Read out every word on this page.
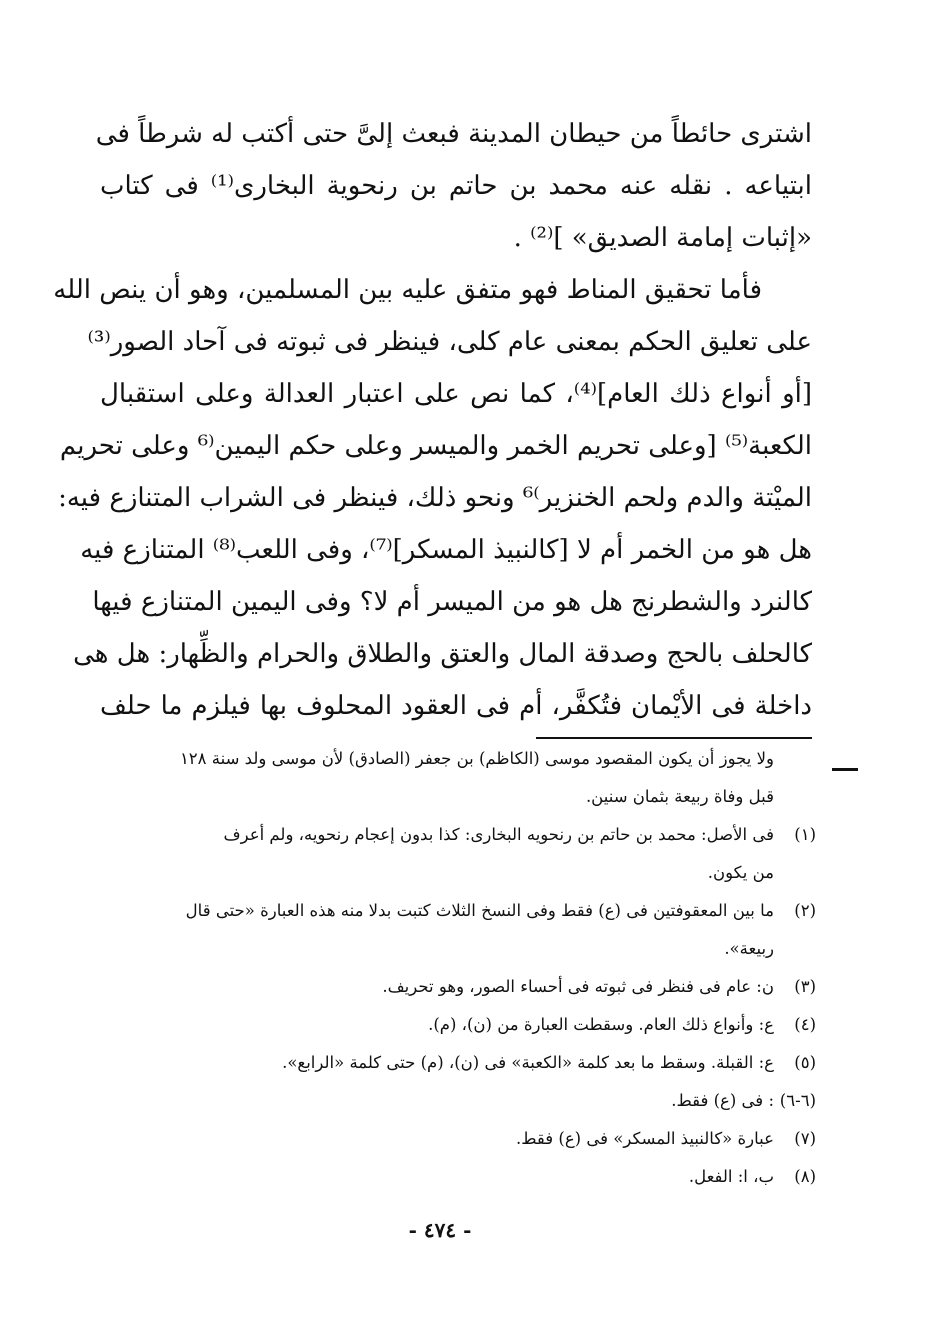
اشترى حائطاً من حيطان المدينة فبعث إلىَّ حتى أكتب له شرطاً فى
ابتياعه . نقله عنه محمد بن حاتم بن رنحوية البخارى⁽¹⁾ فى كتاب
«إثبات إمامة الصديق» ]⁽²⁾ .
فأما تحقيق المناط فهو متفق عليه بين المسلمين، وهو أن ينص الله
على تعليق الحكم بمعنى عام كلى، فينظر فى ثبوته فى آحاد الصور⁽³⁾
[أو أنواع ذلك العام]⁽⁴⁾، كما نص على اعتبار العدالة وعلى استقبال
الكعبة⁽⁵⁾ [وعلى تحريم الخمر والميسر وعلى حكم اليمين⁽⁶ وعلى تحريم
الميْتة والدم ولحم الخنزير⁾⁶ ونحو ذلك، فينظر فى الشراب المتنازع فيه:
هل هو من الخمر أم لا [كالنبيذ المسكر]⁽⁷⁾، وفى اللعب⁽⁸⁾ المتنازع فيه
كالنرد والشطرنج هل هو من الميسر أم لا؟ وفى اليمين المتنازع فيها
كالحلف بالحج وصدقة المال والعتق والطلاق والحرام والظِّهار: هل هى
داخلة فى الأيْمان فتُكفَّر، أم فى العقود المحلوف بها فيلزم ما حلف
ولا يجوز أن يكون المقصود موسى (الكاظم) بن جعفر (الصادق) لأن موسى ولد سنة ١٢٨
قبل وفاة ربيعة بثمان سنين.
(١)
فى الأصل: محمد بن حاتم بن رنحويه البخارى: كذا بدون إعجام رنحويه، ولم أعرف
من يكون.
(٢)
ما بين المعقوفتين فى (ع) فقط وفى النسخ الثلاث كتبت بدلا منه هذه العبارة «حتى قال
ربيعة».
(٣)
ن: عام فى فنظر فى ثبوته فى أحساء الصور، وهو تحريف.
(٤)
ع: وأنواع ذلك العام. وسقطت العبارة من (ن)، (م).
(٥)
ع: القبلة. وسقط ما بعد كلمة «الكعبة» فى (ن)، (م) حتى كلمة «الرابع».
(٦-٦)
: فى (ع) فقط.
(٧)
عبارة «كالنبيذ المسكر» فى (ع) فقط.
(٨)
ب، ا: الفعل.
- ٤٧٤ -
